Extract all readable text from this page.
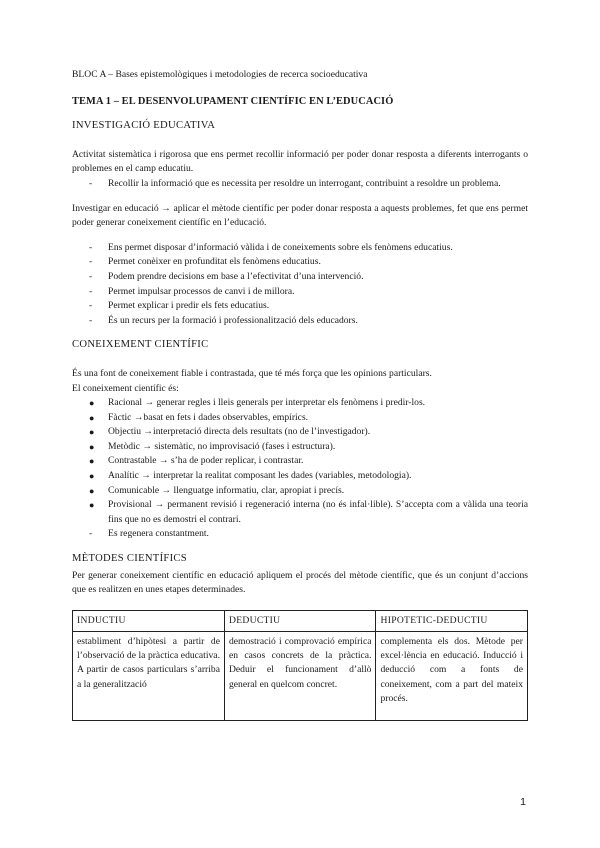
BLOC A – Bases epistemològiques i metodologies de recerca socioeducativa
TEMA 1 – EL DESENVOLUPAMENT CIENTÍFIC EN L’EDUCACIÓ
INVESTIGACIÓ EDUCATIVA

Activitat sistemàtica i rigorosa que ens permet recollir informació per poder donar resposta a diferents interrogants o problemes en el camp educatiu.

-	Recollir la informació que es necessita per resoldre un interrogant, contribuint a resoldre un problema.

Investigar en educació → aplicar el mètode científic per poder donar resposta a aquests problemes, fet que ens permet poder generar coneixement científic en l’educació.

-	Ens permet disposar d’informació vàlida i de coneixements sobre els fenòmens educatius.
-	Permet conèixer en profunditat els fenòmens educatius.
-	Podem prendre decisions em base a l’efectivitat d’una intervenció.
-	Permet impulsar processos de canvi i de millora.
-	Permet explicar i predir els fets educatius.
-	És un recurs per la formació i professionalització dels educadors.
CONEIXEMENT CIENTÍFIC

És una font de coneixement fiable i contrastada, que té més força que les opinions particulars.

El coneixement científic és:

●	Racional → generar regles i lleis generals per interpretar els fenòmens i predir-los.
●	Fàctic →basat en fets i dades observables, empírics.
●	Objectiu →interpretació directa dels resultats (no de l’investigador).
●	Metòdic → sistemàtic, no improvisació (fases i estructura).
●	Contrastable → s’ha de poder replicar, i contrastar.
●	Analític → interpretar la realitat composant les dades (variables, metodologia).
●	Comunicable → llenguatge informatiu, clar, apropiat i precís.
●	Provisional → permanent revisió i regeneració interna (no és infal·lible). S’accepta com a vàlida una teoria fins que no es demostri el contrari.
-	Es regenera constantment.
MÈTODES CIENTÍFICS

Per generar coneixement científic en educació apliquem el procés del mètode científic, que és un conjunt d’accions que es realitzen en unes etapes determinades.

INDUCTIU	DEDUCTIU	HIPOTETIC-DEDUCTIU
establiment d’hipòtesi a partir de l’observació de la pràctica educativa. A partir de casos particulars s’arriba a la generalització	demostració i comprovació empírica en casos concrets de la pràctica. Deduir el funcionament d’allò general en quelcom concret.	complementa els dos. Mètode per excel·lència en educació. Inducció i deducció com a fonts de coneixement, com a part del mateix procés.
1
